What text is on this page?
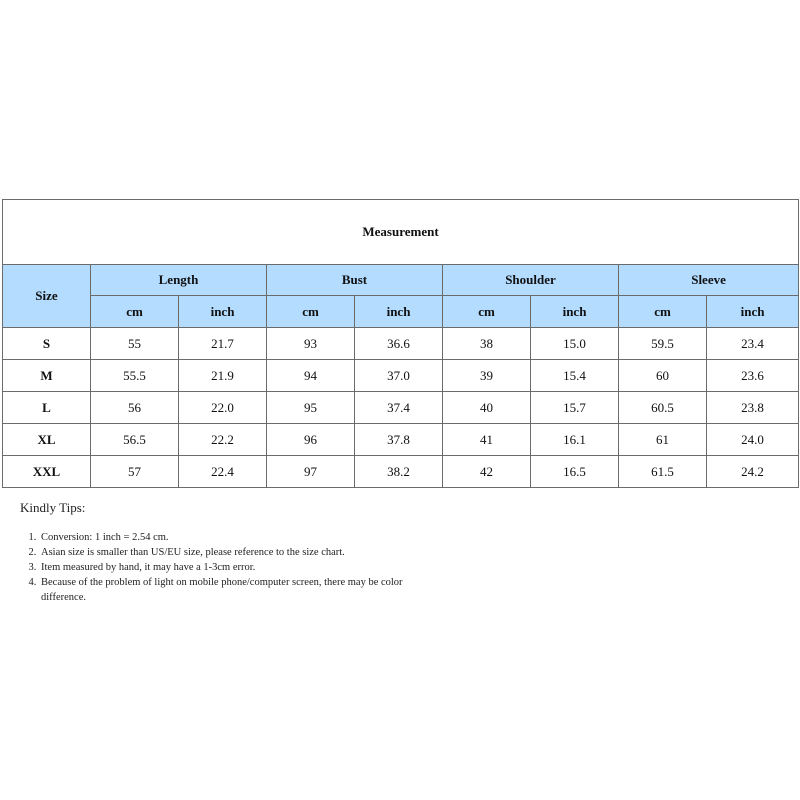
Measurement								
Size	Length		Bust		Shoulder		Sleeve	
	cm	inch	cm	inch	cm	inch	cm	inch
S	55	21.7	93	36.6	38	15.0	59.5	23.4
M	55.5	21.9	94	37.0	39	15.4	60	23.6
L	56	22.0	95	37.4	40	15.7	60.5	23.8
XL	56.5	22.2	96	37.8	41	16.1	61	24.0
XXL	57	22.4	97	38.2	42	16.5	61.5	24.2
Kindly Tips:
1. Conversion: 1 inch = 2.54 cm.
2. Asian size is smaller than US/EU size, please reference to the size chart.
3. Item measured by hand, it may have a 1-3cm error.
4. Because of the problem of light on mobile phone/computer screen, there may be color difference.
